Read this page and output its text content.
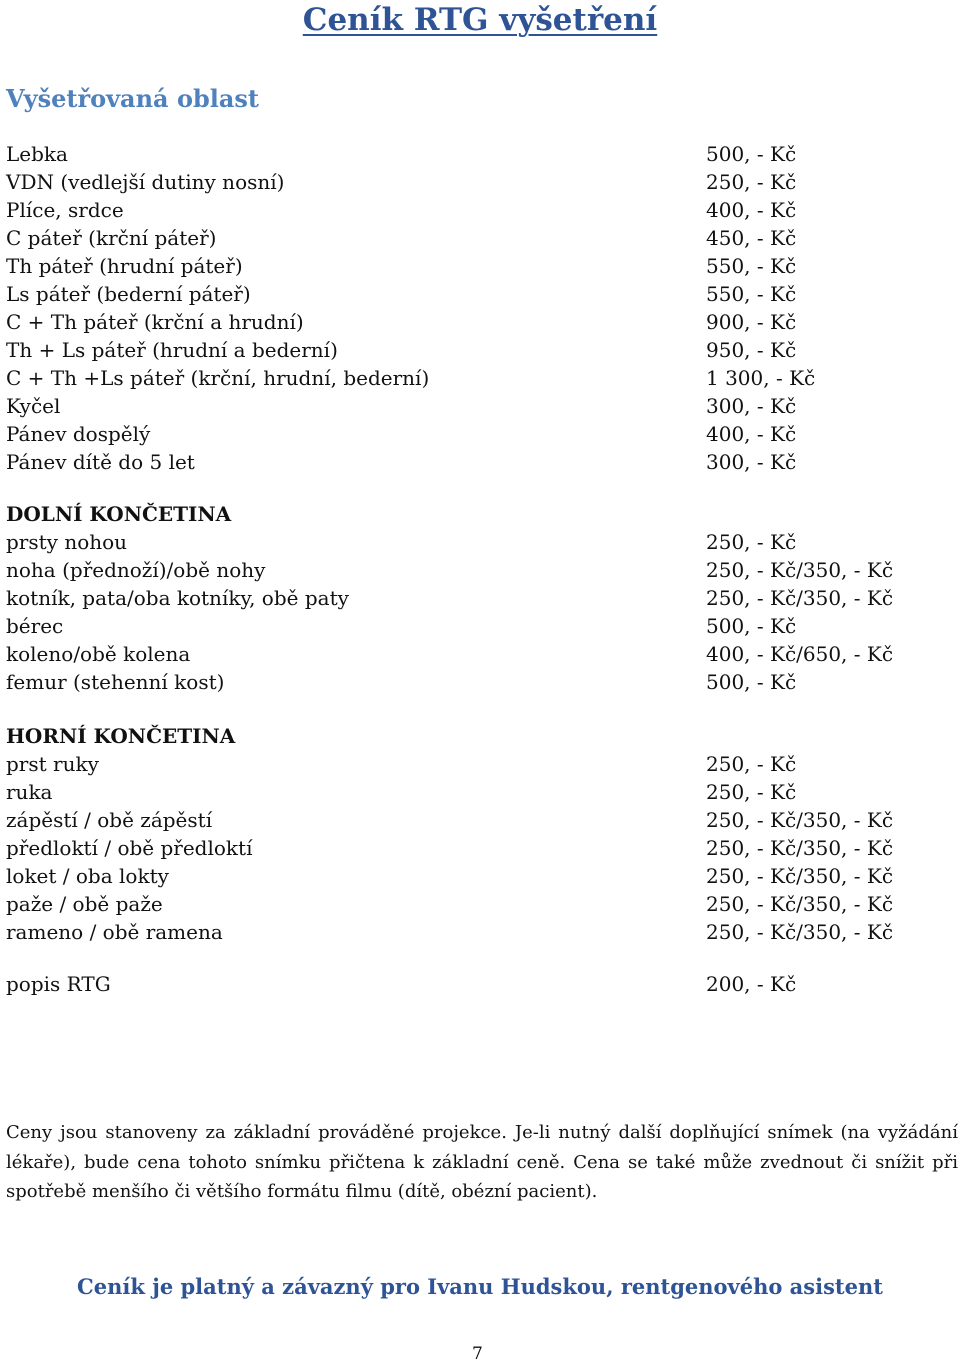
Ceník RTG vyšetření
Vyšetřovaná oblast
Lebka	500, - Kč
VDN (vedlejší dutiny nosní)	250, - Kč
Plíce, srdce	400, - Kč
C páteř (krční páteř)	450, - Kč
Th páteř (hrudní páteř)	550, - Kč
Ls páteř (bederní páteř)	550, - Kč
C + Th páteř (krční a hrudní)	900, - Kč
Th + Ls páteř (hrudní a bederní)	950, - Kč
C + Th +Ls páteř (krční, hrudní, bederní)	1 300, - Kč
Kyčel	300, - Kč
Pánev dospělý	400, - Kč
Pánev dítě do 5 let	300, - Kč
DOLNÍ KONČETINA
prsty nohou	250, - Kč
noha (přednoží)/obě nohy	250, - Kč/350, - Kč
kotník, pata/oba kotníky, obě paty	250, - Kč/350, - Kč
bérec	500, - Kč
koleno/obě kolena	400, - Kč/650, - Kč
femur (stehenní kost)	500, - Kč
HORNÍ KONČETINA
prst ruky	250, - Kč
ruka	250, - Kč
zápěstí / obě zápěstí	250, - Kč/350, - Kč
předloktí / obě předloktí	250, - Kč/350, - Kč
loket / oba lokty	250, - Kč/350, - Kč
paže / obě paže	250, - Kč/350, - Kč
rameno / obě ramena	250, - Kč/350, - Kč
popis RTG	200, - Kč
Ceny jsou stanoveny za základní prováděné projekce. Je-li nutný další doplňující snímek (na vyžádání lékaře), bude cena tohoto snímku přičtena k základní ceně. Cena se také může zvednout či snížit při spotřebě menšího či většího formátu filmu (dítě, obézní pacient).
Ceník je platný a závazný pro Ivanu Hudskou, rentgenového asistent
7
